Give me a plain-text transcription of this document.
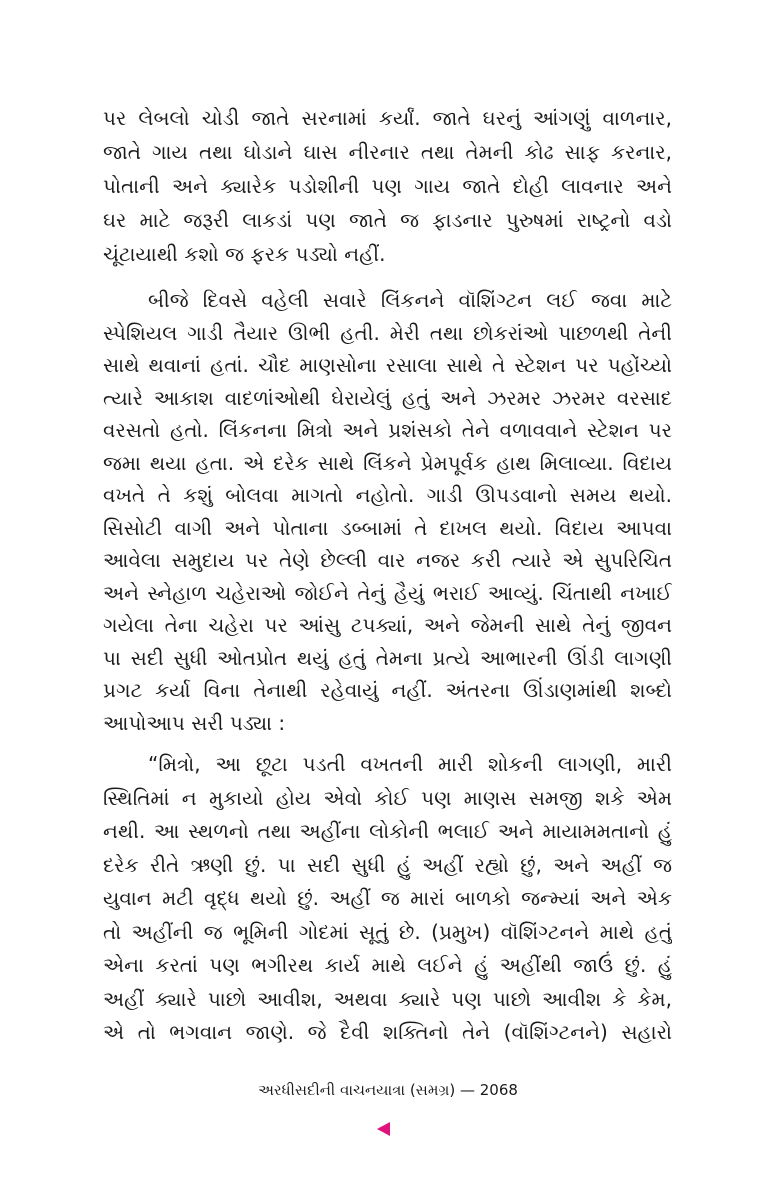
પર લેબલો ચોડી જાતે સરનામાં કર્યાં. જાતે ઘરનું આંગણું વાળનાર,
જાતે ગાય તથા ઘોડાને ઘાસ નીરનાર તથા તેમની કોઢ સાફ કરનાર,
પોતાની અને ક્યારેક પડોશીની પણ ગાય જાતે દોહી લાવનાર અને
ઘર માટે જરૂરી લાકડાં પણ જાતે જ ફાડનાર પુરુષમાં રાષ્ટ્રનો વડો
ચૂંટાયાથી કશો જ ફરક પડ્યો નહીં.
બીજે દિવસે વહેલી સવારે લિંકનને વૉશિંગ્ટન લઈ જવા માટે
સ્પેશિયલ ગાડી તૈયાર ઊભી હતી. મેરી તથા છોકરાંઓ પાછળથી તેની
સાથે થવાનાં હતાં. ચૌદ માણસોના રસાલા સાથે તે સ્ટેશન પર પહોંચ્યો
ત્યારે આકાશ વાદળાંઓથી ઘેરાયેલું હતું અને ઝરમર ઝરમર વરસાદ
વરસતો હતો. લિંકનના મિત્રો અને પ્રશંસકો તેને વળાવવાને સ્ટેશન પર
જમા થયા હતા. એ દરેક સાથે લિંકને પ્રેમપૂર્વક હાથ મિલાવ્યા. વિદાય
વખતે તે કશું બોલવા માગતો નહોતો. ગાડી ઊપડવાનો સમય થયો.
સિસોટી વાગી અને પોતાના ડબ્બામાં તે દાખલ થયો. વિદાય આપવા
આવેલા સમુદાય પર તેણે છેલ્લી વાર નજર કરી ત્યારે એ સુપરિચિત
અને સ્નેહાળ ચહેરાઓ જોઈને તેનું હૈયું ભરાઈ આવ્યું. ચિંતાથી નખાઈ
ગયેલા તેના ચહેરા પર આંસુ ટપક્યાં, અને જેમની સાથે તેનું જીવન
પા સદી સુધી ઓતપ્રોત થયું હતું તેમના પ્રત્યે આભારની ઊંડી લાગણી
પ્રગટ કર્યા વિના તેનાથી રહેવાયું નહીં. અંતરના ઊંડાણમાંથી શબ્દો
આપોઆપ સરી પડ્યા :
“મિત્રો, આ છૂટા પડતી વખતની મારી શોકની લાગણી, મારી
સ્થિતિમાં ન મુકાયો હોય એવો કોઈ પણ માણસ સમજી શકે એમ
નથી. આ સ્થળનો તથા અહીંના લોકોની ભલાઈ અને માયામમતાનો હું
દરેક રીતે ઋણી છું. પા સદી સુધી હું અહીં રહ્યો છું, અને અહીં જ
યુવાન મટી વૃદ્ધ થયો છું. અહીં જ મારાં બાળકો જન્મ્યાં અને એક
તો અહીંની જ ભૂમિની ગોદમાં સૂતું છે. (પ્રમુખ) વૉશિંગ્ટનને માથે હતું
એના કરતાં પણ ભગીરથ કાર્ય માથે લઈને હું અહીંથી જાઉં છું. હું
અહીં ક્યારે પાછો આવીશ, અથવા ક્યારે પણ પાછો આવીશ કે કેમ,
એ તો ભગવાન જાણે. જે દૈવી શક્તિનો તેને (વૉશિંગ્ટનને) સહારો
અરધીસદીની વાચનયાત્રા (સમગ્ર) — 2068
